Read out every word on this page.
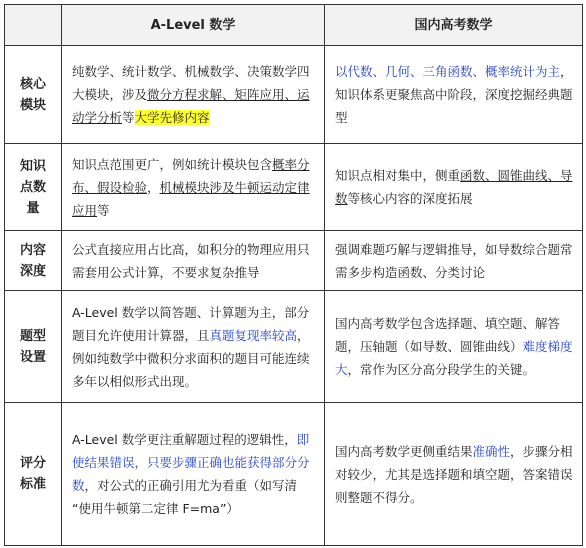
	A-Level 数学	国内高考数学

核心
模块	纯数学、统计数学、机械数学、决策数学四大模块，涉及微分方程求解、矩阵应用、运动学分析等大学先修内容	以代数、几何、三角函数、概率统计为主，知识体系更聚焦高中阶段，深度挖掘经典题型

知识
点数
量	知识点范围更广，例如统计模块包含概率分布、假设检验，机械模块涉及牛顿运动定律应用等	知识点相对集中，侧重函数、圆锥曲线、导数等核心内容的深度拓展

内容
深度	公式直接应用占比高，如积分的物理应用只需套用公式计算，不要求复杂推导	强调难题巧解与逻辑推导，如导数综合题常需多步构造函数、分类讨论

题型
设置	A-Level 数学以简答题、计算题为主，部分题目允许使用计算器，且真题复现率较高，例如纯数学中微积分求面积的题目可能连续多年以相似形式出现。	国内高考数学包含选择题、填空题、解答题，压轴题（如导数、圆锥曲线）难度梯度大，常作为区分高分段学生的关键。

评分
标准	A-Level 数学更注重解题过程的逻辑性，即使结果错误，只要步骤正确也能获得部分分数，对公式的正确引用尤为看重（如写清 “使用牛顿第二定律 F=ma”）	国内高考数学更侧重结果准确性，步骤分相对较少，尤其是选择题和填空题，答案错误则整题不得分。
